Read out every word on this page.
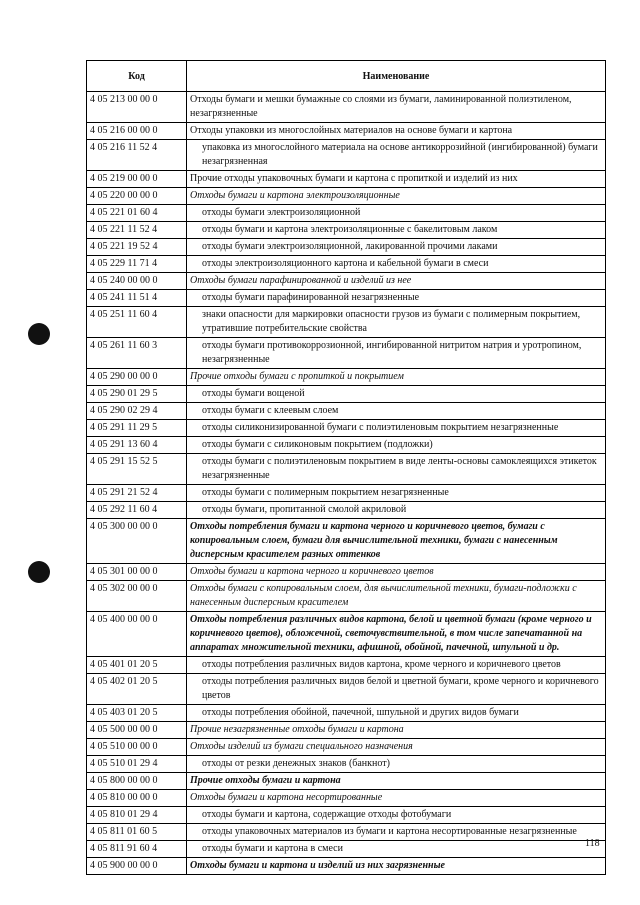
Код	Наименование
4 05 213 00 00 0	Отходы бумаги и мешки бумажные со слоями из бумаги, ламинированной полиэтиленом, незагрязненные
4 05 216 00 00 0	Отходы упаковки из многослойных материалов на основе бумаги и картона
4 05 216 11 52 4	упаковка из многослойного материала на основе антикоррозийной (ингибированной) бумаги незагрязненная
4 05 219 00 00 0	Прочие отходы упаковочных бумаги и картона с пропиткой и изделий из них
4 05 220 00 00 0	Отходы бумаги и картона электроизоляционные
4 05 221 01 60 4	отходы бумаги электроизоляционной
4 05 221 11 52 4	отходы бумаги и картона электроизоляционные с бакелитовым лаком
4 05 221 19 52 4	отходы бумаги электроизоляционной, лакированной прочими лаками
4 05 229 11 71 4	отходы электроизоляционного картона и кабельной бумаги в смеси
4 05 240 00 00 0	Отходы бумаги парафинированной и изделий из нее
4 05 241 11 51 4	отходы бумаги парафинированной незагрязненные
4 05 251 11 60 4	знаки опасности для маркировки опасности грузов из бумаги с полимерным покрытием, утратившие потребительские свойства
4 05 261 11 60 3	отходы бумаги противокоррозионной, ингибированной нитритом натрия и уротропином, незагрязненные
4 05 290 00 00 0	Прочие отходы бумаги с пропиткой и покрытием
4 05 290 01 29 5	отходы бумаги вощеной
4 05 290 02 29 4	отходы бумаги с клеевым слоем
4 05 291 11 29 5	отходы силиконизированной бумаги с полиэтиленовым покрытием незагрязненные
4 05 291 13 60 4	отходы бумаги с силиконовым покрытием (подложки)
4 05 291 15 52 5	отходы бумаги с полиэтиленовым покрытием в виде ленты-основы самоклеящихся этикеток незагрязненные
4 05 291 21 52 4	отходы бумаги с полимерным покрытием незагрязненные
4 05 292 11 60 4	отходы бумаги, пропитанной смолой акриловой
4 05 300 00 00 0	Отходы потребления бумаги и картона черного и коричневого цветов, бумаги с копировальным слоем, бумаги для вычислительной техники, бумаги с нанесенным дисперсным красителем разных оттенков
4 05 301 00 00 0	Отходы бумаги и картона черного и коричневого цветов
4 05 302 00 00 0	Отходы бумаги с копировальным слоем, для вычислительной техники, бумаги-подложки с нанесенным дисперсным красителем
4 05 400 00 00 0	Отходы потребления различных видов картона, белой и цветной бумаги (кроме черного и коричневого цветов), обложечной, светочувствительной, в том числе запечатанной на аппаратах множительной техники, афишной, обойной, пачечной, шпульной и др.
4 05 401 01 20 5	отходы потребления различных видов картона, кроме черного и коричневого цветов
4 05 402 01 20 5	отходы потребления различных видов белой и цветной бумаги, кроме черного и коричневого цветов
4 05 403 01 20 5	отходы потребления обойной, пачечной, шпульной и других видов бумаги
4 05 500 00 00 0	Прочие незагрязненные отходы бумаги и картона
4 05 510 00 00 0	Отходы изделий из бумаги специального назначения
4 05 510 01 29 4	отходы от резки денежных знаков (банкнот)
4 05 800 00 00 0	Прочие отходы бумаги и картона
4 05 810 00 00 0	Отходы бумаги и картона несортированные
4 05 810 01 29 4	отходы бумаги и картона, содержащие отходы фотобумаги
4 05 811 01 60 5	отходы упаковочных материалов из бумаги и картона несортированные незагрязненные
4 05 811 91 60 4	отходы бумаги и картона в смеси
4 05 900 00 00 0	Отходы бумаги и картона и изделий из них загрязненные
118
